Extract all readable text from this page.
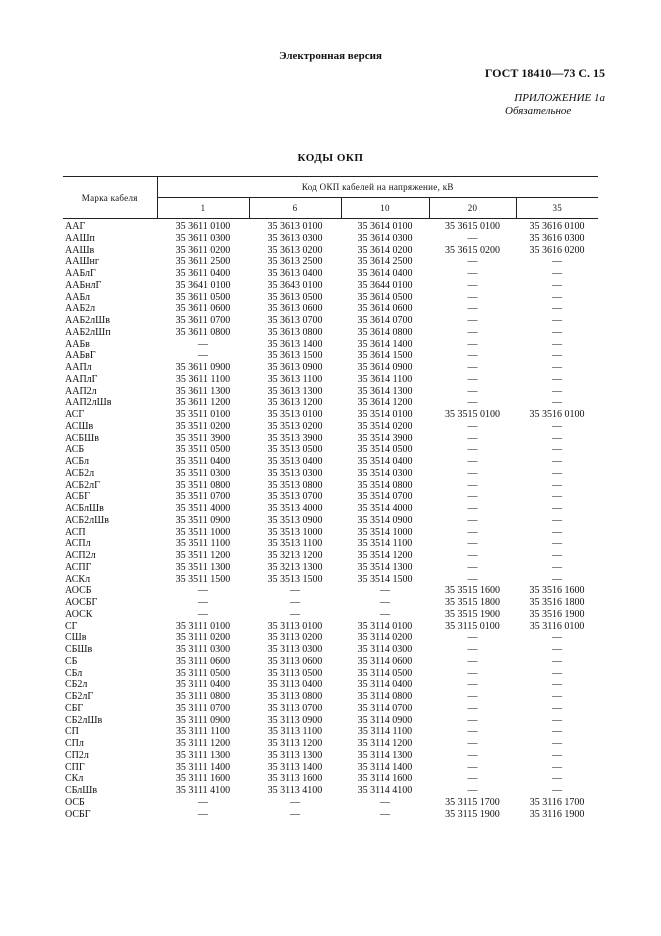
Электронная версия
ГОСТ 18410—73 С. 15
ПРИЛОЖЕНИЕ 1а
Обязательное
КОДЫ ОКП
Марка кабеля	Код ОКП кабелей на напряжение, кВ				
	1	6	10	20	35
ААГ	35 3611 0100	35 3613 0100	35 3614 0100	35 3615 0100	35 3616 0100
ААШп	35 3611 0300	35 3613 0300	35 3614 0300	—	35 3616 0300
ААШв	35 3611 0200	35 3613 0200	35 3614 0200	35 3615 0200	35 3616 0200
ААШнг	35 3611 2500	35 3613 2500	35 3614 2500	—	—
ААБлГ	35 3611 0400	35 3613 0400	35 3614 0400	—	—
ААБнлГ	35 3641 0100	35 3643 0100	35 3644 0100	—	—
ААБл	35 3611 0500	35 3613 0500	35 3614 0500	—	—
ААБ2л	35 3611 0600	35 3613 0600	35 3614 0600	—	—
ААБ2лШв	35 3611 0700	35 3613 0700	35 3614 0700	—	—
ААБ2лШп	35 3611 0800	35 3613 0800	35 3614 0800	—	—
ААБв	—	35 3613 1400	35 3614 1400	—	—
ААБвГ	—	35 3613 1500	35 3614 1500	—	—
ААПл	35 3611 0900	35 3613 0900	35 3614 0900	—	—
ААПлГ	35 3611 1100	35 3613 1100	35 3614 1100	—	—
ААП2л	35 3611 1300	35 3613 1300	35 3614 1300	—	—
ААП2лШв	35 3611 1200	35 3613 1200	35 3614 1200	—	—
АСГ	35 3511 0100	35 3513 0100	35 3514 0100	35 3515 0100	35 3516 0100
АСШв	35 3511 0200	35 3513 0200	35 3514 0200	—	—
АСБШв	35 3511 3900	35 3513 3900	35 3514 3900	—	—
АСБ	35 3511 0500	35 3513 0500	35 3514 0500	—	—
АСБл	35 3511 0400	35 3513 0400	35 3514 0400	—	—
АСБ2л	35 3511 0300	35 3513 0300	35 3514 0300	—	—
АСБ2лГ	35 3511 0800	35 3513 0800	35 3514 0800	—	—
АСБГ	35 3511 0700	35 3513 0700	35 3514 0700	—	—
АСБлШв	35 3511 4000	35 3513 4000	35 3514 4000	—	—
АСБ2лШв	35 3511 0900	35 3513 0900	35 3514 0900	—	—
АСП	35 3511 1000	35 3513 1000	35 3514 1000	—	—
АСПл	35 3511 1100	35 3513 1100	35 3514 1100	—	—
АСП2л	35 3511 1200	35 3213 1200	35 3514 1200	—	—
АСПГ	35 3511 1300	35 3213 1300	35 3514 1300	—	—
АСКл	35 3511 1500	35 3513 1500	35 3514 1500	—	—
АОСБ	—	—	—	35 3515 1600	35 3516 1600
АОСБГ	—	—	—	35 3515 1800	35 3516 1800
АОСК	—	—	—	35 3515 1900	35 3516 1900
СГ	35 3111 0100	35 3113 0100	35 3114 0100	35 3115 0100	35 3116 0100
СШв	35 3111 0200	35 3113 0200	35 3114 0200	—	—
СБШв	35 3111 0300	35 3113 0300	35 3114 0300	—	—
СБ	35 3111 0600	35 3113 0600	35 3114 0600	—	—
СБл	35 3111 0500	35 3113 0500	35 3114 0500	—	—
СБ2л	35 3111 0400	35 3113 0400	35 3114 0400	—	—
СБ2лГ	35 3111 0800	35 3113 0800	35 3114 0800	—	—
СБГ	35 3111 0700	35 3113 0700	35 3114 0700	—	—
СБ2лШв	35 3111 0900	35 3113 0900	35 3114 0900	—	—
СП	35 3111 1100	35 3113 1100	35 3114 1100	—	—
СПл	35 3111 1200	35 3113 1200	35 3114 1200	—	—
СП2л	35 3111 1300	35 3113 1300	35 3114 1300	—	—
СПГ	35 3111 1400	35 3113 1400	35 3114 1400	—	—
СКл	35 3111 1600	35 3113 1600	35 3114 1600	—	—
СБлШв	35 3111 4100	35 3113 4100	35 3114 4100	—	—
ОСБ	—	—	—	35 3115 1700	35 3116 1700
ОСБГ	—	—	—	35 3115 1900	35 3116 1900
